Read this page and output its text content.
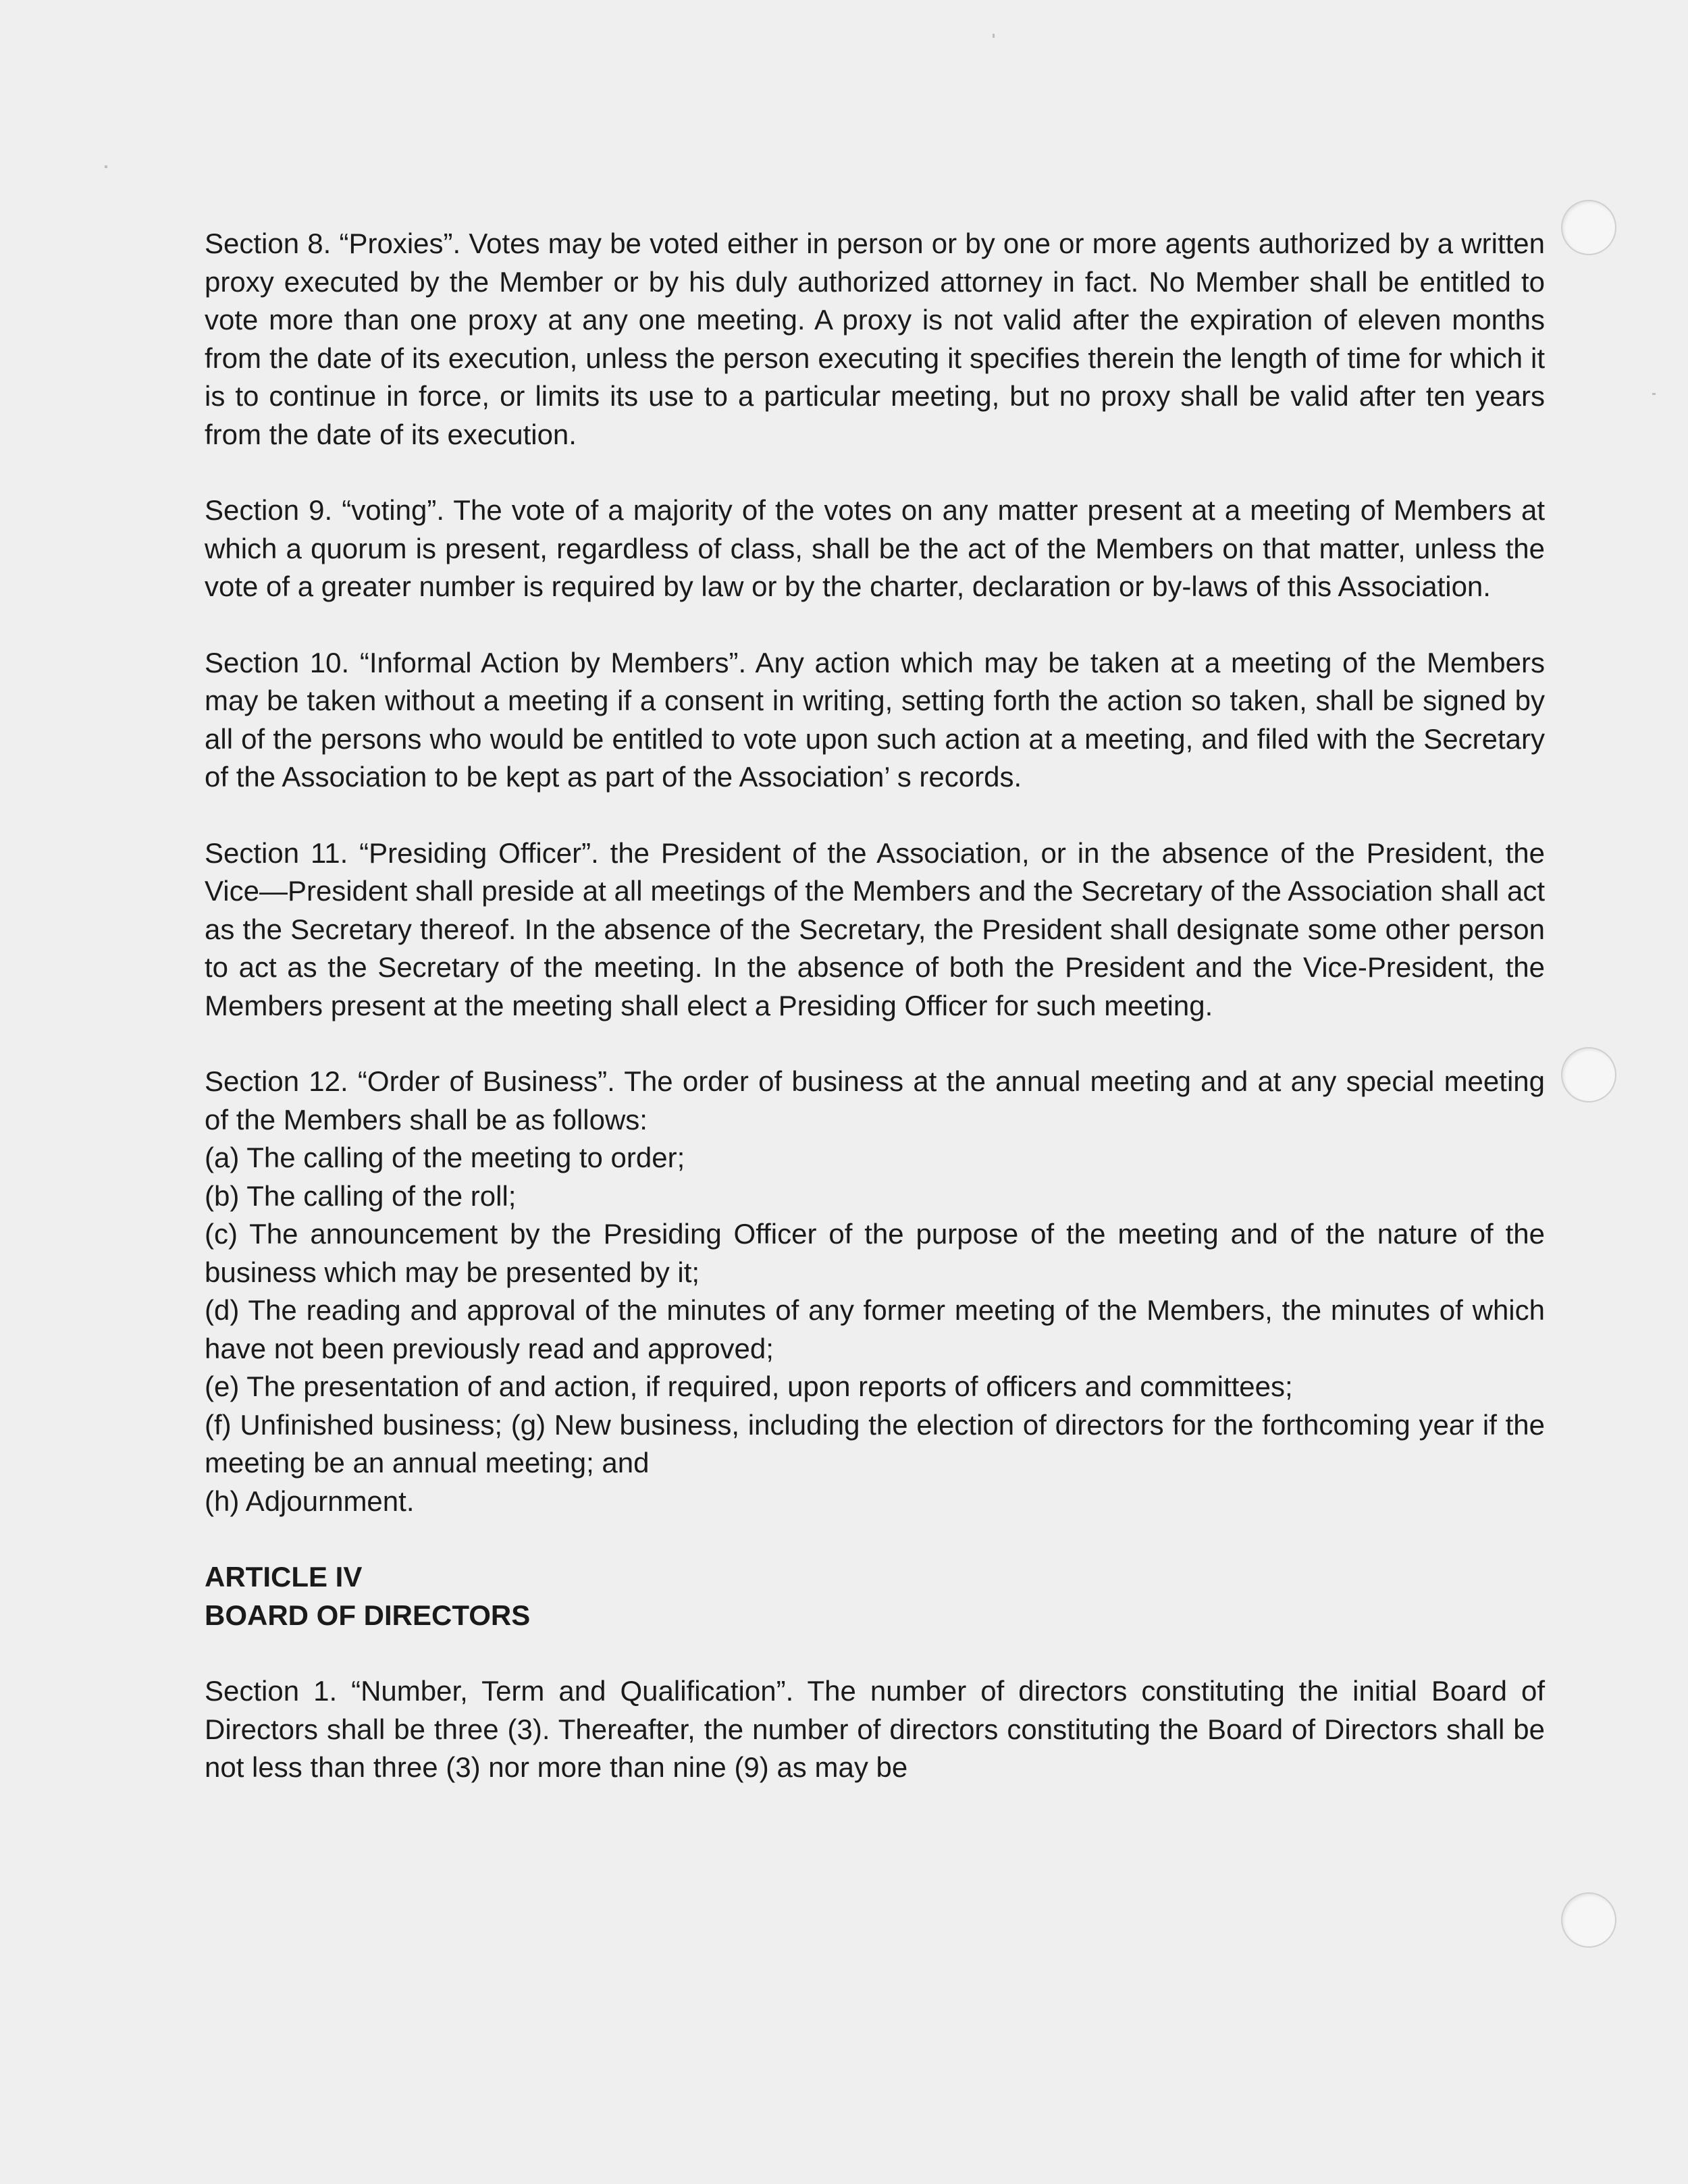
Section 8. “Proxies”. Votes may be voted either in person or by one or more agents authorized by a written proxy executed by the Member or by his duly authorized attorney in fact. No Member shall be entitled to vote more than one proxy at any one meeting. A proxy is not valid after the expiration of eleven months from the date of its execution, unless the person executing it specifies therein the length of time for which it is to continue in force, or limits its use to a particular meeting, but no proxy shall be valid after ten years from the date of its execution.

Section 9. “voting”. The vote of a majority of the votes on any matter present at a meeting of Members at which a quorum is present, regardless of class, shall be the act of the Members on that matter, unless the vote of a greater number is required by law or by the charter, declaration or by-laws of this Association.

Section 10. “Informal Action by Members”. Any action which may be taken at a meeting of the Members may be taken without a meeting if a consent in writing, setting forth the action so taken, shall be signed by all of the persons who would be entitled to vote upon such action at a meeting, and filed with the Secretary of the Association to be kept as part of the Association’ s records.

Section 11. “Presiding Officer”. the President of the Association, or in the absence of the President, the Vice—President shall preside at all meetings of the Members and the Secretary of the Association shall act as the Secretary thereof. In the absence of the Secretary, the President shall designate some other person to act as the Secretary of the meeting. In the absence of both the President and the Vice-President, the Members present at the meeting shall elect a Presiding Officer for such meeting.

Section 12. “Order of Business”. The order of business at the annual meeting and at any special meeting of the Members shall be as follows:

(a) The calling of the meeting to order;

(b) The calling of the roll;

(c) The announcement by the Presiding Officer of the purpose of the meeting and of the nature of the business which may be presented by it;

(d) The reading and approval of the minutes of any former meeting of the Members, the minutes of which have not been previously read and approved;

(e) The presentation of and action, if required, upon reports of officers and committees;

(f) Unfinished business; (g) New business, including the election of directors for the forthcoming year if the meeting be an annual meeting; and

(h) Adjournment.

ARTICLE IV

BOARD OF DIRECTORS

Section 1. “Number, Term and Qualification”. The number of directors constituting the initial Board of Directors shall be three (3). Thereafter, the number of directors constituting the Board of Directors shall be not less than three (3) nor more than nine (9) as may be
